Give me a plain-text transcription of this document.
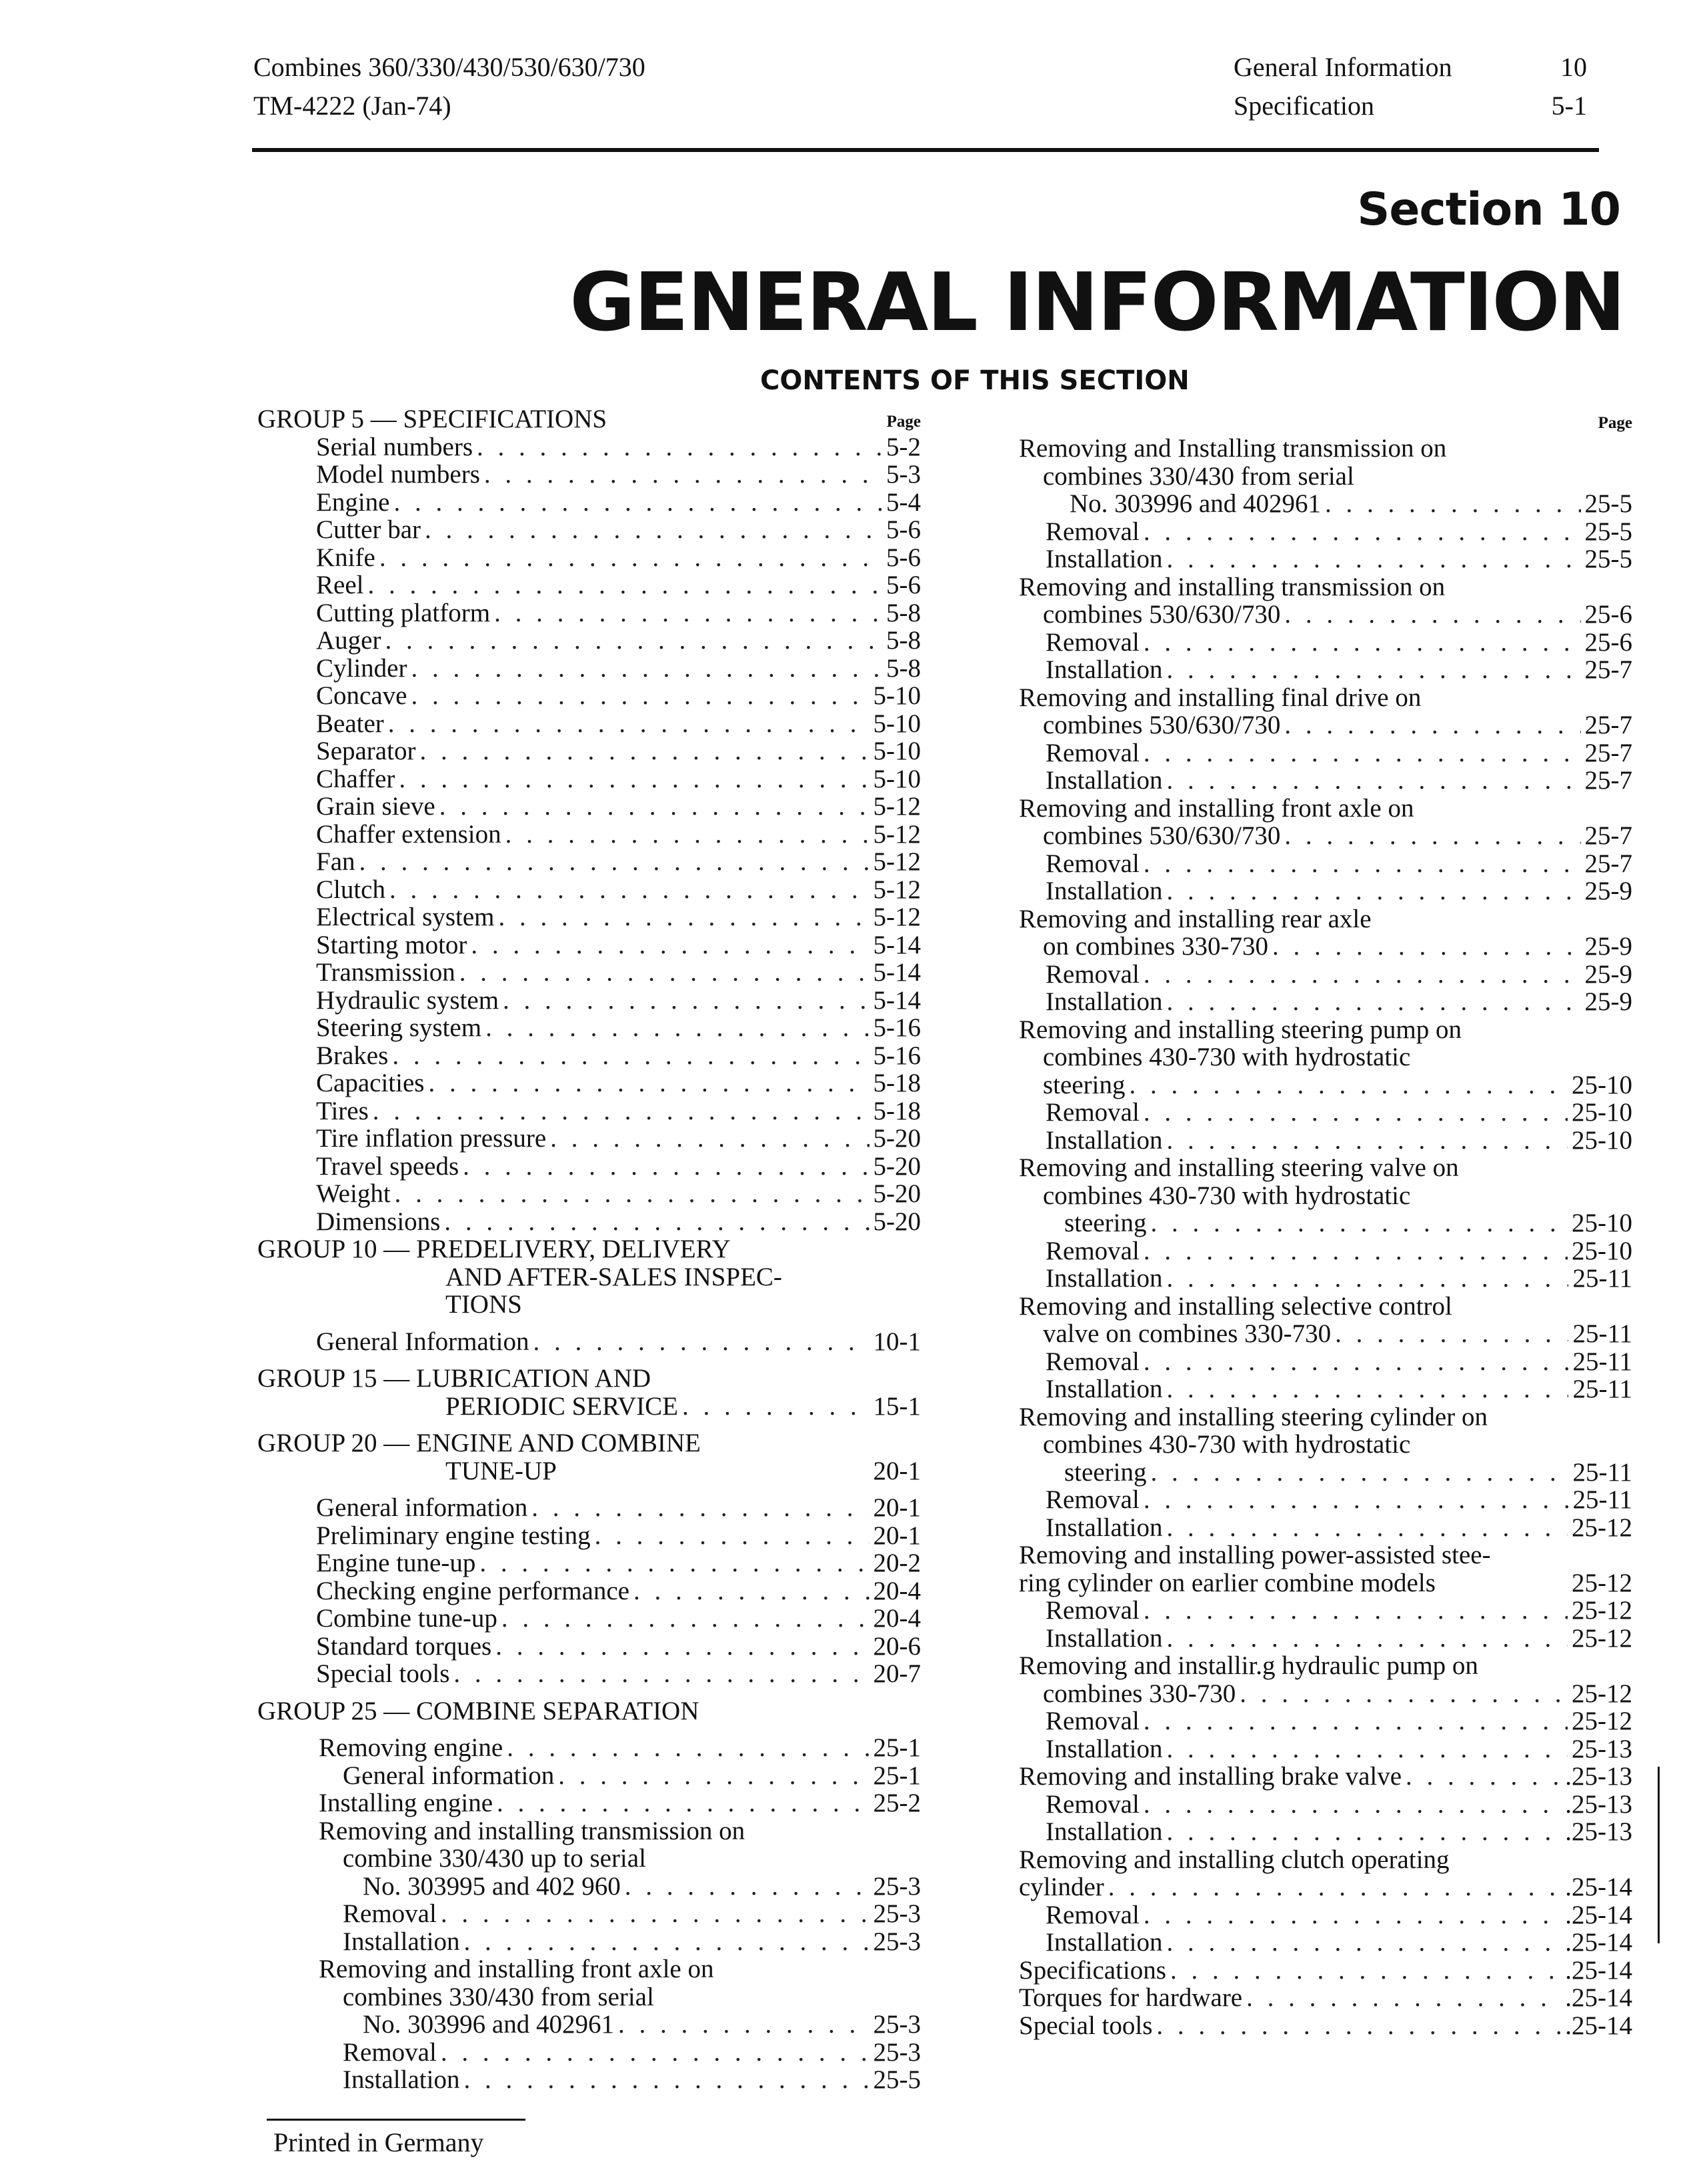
Combines 360/330/430/530/630/730
TM-4222 (Jan-74)
General Information	10
Specification	5-1
Section 10
GENERAL INFORMATION
CONTENTS OF THIS SECTION
GROUP 5 — SPECIFICATIONS	Page
Serial numbers . . .	5-2
Model numbers . . .	5-3
Engine . . .	5-4
Cutter bar . . .	5-6
Knife . . .	5-6
Reel . . .	5-6
Cutting platform . . .	5-8
Auger . . .	5-8
Cylinder . . .	5-8
Concave . . .	5-10
Beater . . .	5-10
Separator . . .	5-10
Chaffer . . .	5-10
Grain sieve . . .	5-12
Chaffer extension . . .	5-12
Fan . . .	5-12
Clutch . . .	5-12
Electrical system . . .	5-12
Starting motor . . .	5-14
Transmission . . .	5-14
Hydraulic system . . .	5-14
Steering system . . .	5-16
Brakes . . .	5-16
Capacities . . .	5-18
Tires . . .	5-18
Tire inflation pressure . . .	5-20
Travel speeds . . .	5-20
Weight . . .	5-20
Dimensions . . .	5-20
GROUP 10 — PREDELIVERY, DELIVERY
AND AFTER-SALES INSPEC-
TIONS
General Information . . .	10-1
GROUP 15 — LUBRICATION AND
PERIODIC SERVICE . . .	15-1
GROUP 20 — ENGINE AND COMBINE
TUNE-UP	20-1
General information . . .	20-1
Preliminary engine testing . . .	20-1
Engine tune-up . . .	20-2
Checking engine performance . . .	20-4
Combine tune-up . . .	20-4
Standard torques . . .	20-6
Special tools . . .	20-7
GROUP 25 — COMBINE SEPARATION
Removing engine . . .	25-1
General information . . .	25-1
Installing engine . . .	25-2
Removing and installing transmission on
combine 330/430 up to serial
No. 303995 and 402 960 . . .	25-3
Removal . . .	25-3
Installation . . .	25-3
Removing and installing front axle on
combines 330/430 from serial
No. 303996 and 402961 . . .	25-3
Removal . . .	25-3
Installation . . .	25-5
Page
Removing and Installing transmission on
combines 330/430 from serial
No. 303996 and 402961 . . .	25-5
Removal . . .	25-5
Installation . . .	25-5
Removing and installing transmission on
combines 530/630/730 . . .	25-6
Removal . . .	25-6
Installation . . .	25-7
Removing and installing final drive on
combines 530/630/730 . . .	25-7
Removal . . .	25-7
Installation . . .	25-7
Removing and installing front axle on
combines 530/630/730 . . .	25-7
Removal . . .	25-7
Installation . . .	25-9
Removing and installing rear axle
on combines 330-730 . . .	25-9
Removal . . .	25-9
Installation . . .	25-9
Removing and installing steering pump on
combines 430-730 with hydrostatic
steering . . .	25-10
Removal . . .	25-10
Installation . . .	25-10
Removing and installing steering valve on
combines 430-730 with hydrostatic
steering . . .	25-10
Removal . . .	25-10
Installation . . .	25-11
Removing and installing selective control
valve on combines 330-730 . . .	25-11
Removal . . .	25-11
Installation . . .	25-11
Removing and installing steering cylinder on
combines 430-730 with hydrostatic
steering . . .	25-11
Removal . . .	25-11
Installation . . .	25-12
Removing and installing power-assisted stee-
ring cylinder on earlier combine models	25-12
Removal . . .	25-12
Installation . . .	25-12
Removing and installir.g hydraulic pump on
combines 330-730 . . .	25-12
Removal . . .	25-12
Installation . . .	25-13
Removing and installing brake valve . . .	.25-13
Removal . . .	.25-13
Installation . . .	.25-13
Removing and installing clutch operating
cylinder . . .	.25-14
Removal . . .	.25-14
Installation . . .	.25-14
Specifications . . .	.25-14
Torques for hardware . . .	.25-14
Special tools . . .	.25-14
Printed in Germany
